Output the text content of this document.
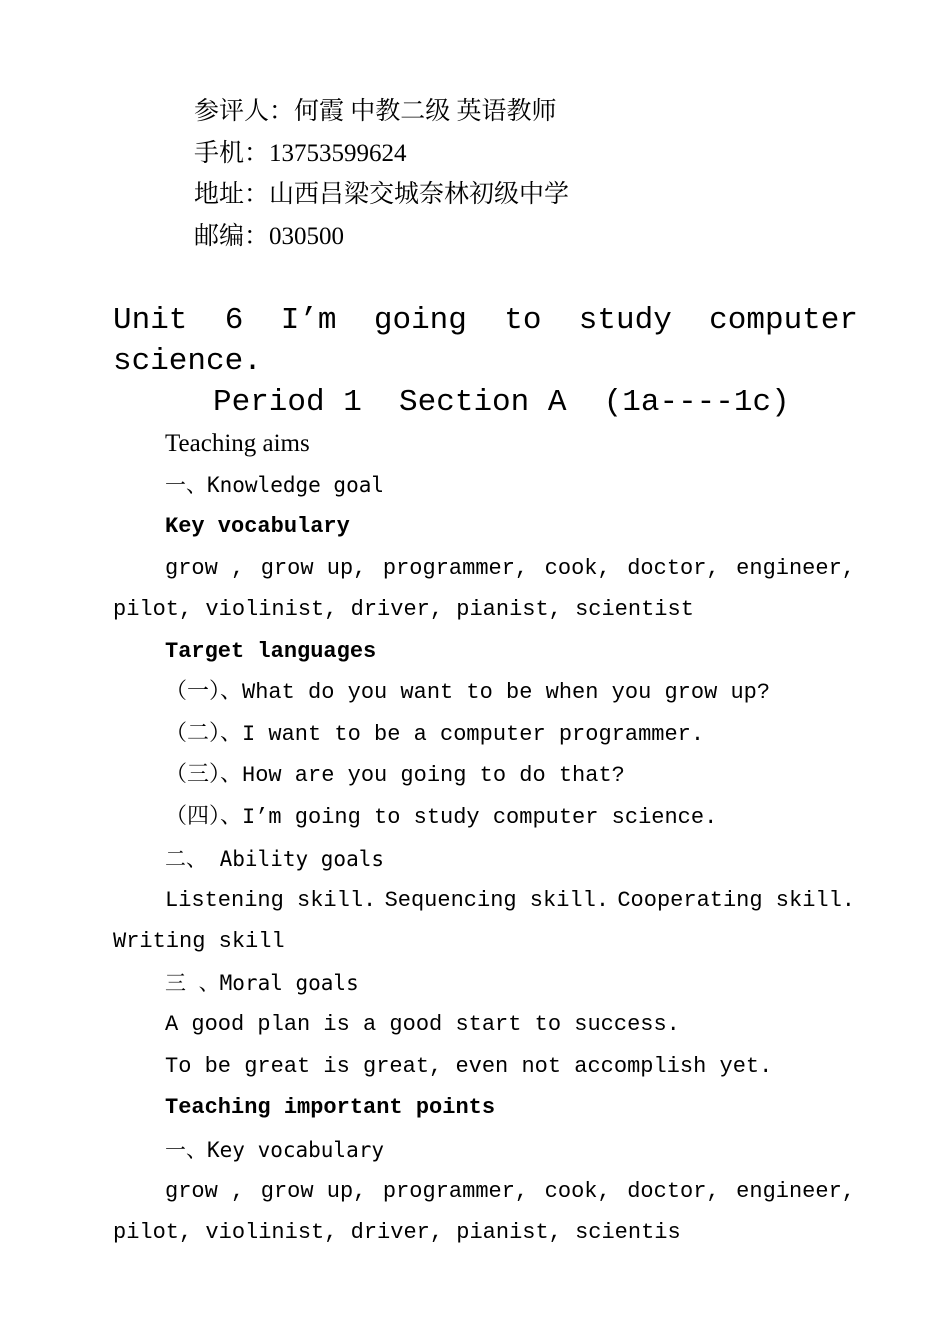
参评人：何霞 中教二级 英语教师
手机：13753599624
地址：山西吕梁交城奈林初级中学
邮编：030500
Unit 6 I’m going to study computer
science.
Period 1  Section A  (1a----1c)
Teaching aims
一、Knowledge goal
Key vocabulary
grow , grow up, programmer, cook, doctor, engineer,
pilot, violinist, driver, pianist, scientist
Target languages
（一）、What do you want to be when you grow up?
（二）、I want to be a computer programmer.
（三）、How are you going to do that?
（四）、I’m going to study computer science.
二、 Ability goals
Listening skill. Sequencing skill. Cooperating skill.
Writing skill
三 、Moral goals
A good plan is a good start to success.
To be great is great, even not accomplish yet.
Teaching important points
一、Key vocabulary
grow , grow up, programmer, cook, doctor, engineer,
pilot, violinist, driver, pianist, scientis
